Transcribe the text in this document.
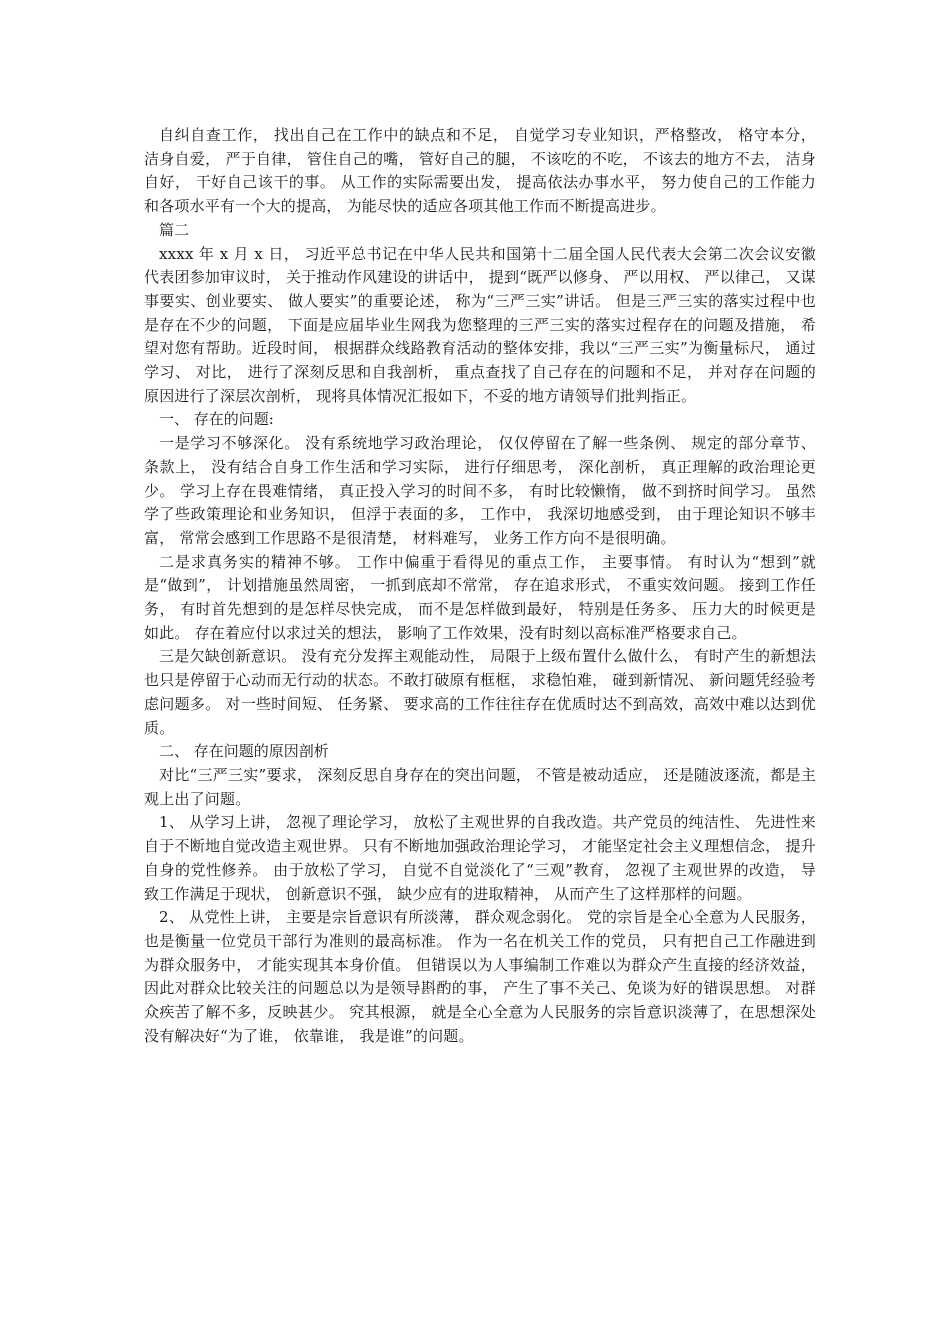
自纠自查工作， 找出自己在工作中的缺点和不足， 自觉学习专业知识，严格整改， 格守本分， 洁身自爱， 严于自律， 管住自己的嘴， 管好自己的腿， 不该吃的不吃， 不该去的地方不去， 洁身自好， 干好自己该干的事。 从工作的实际需要出发， 提高依法办事水平， 努力使自己的工作能力和各项水平有一个大的提高， 为能尽快的适应各项其他工作而不断提高进步。

篇二

xxxx 年 x 月 x 日， 习近平总书记在中华人民共和国第十二届全国人民代表大会第二次会议安徽代表团参加审议时， 关于推动作风建设的讲话中， 提到“既严以修身、 严以用权、 严以律己， 又谋事要实、创业要实、 做人要实”的重要论述， 称为“三严三实”讲话。 但是三严三实的落实过程中也是存在不少的问题， 下面是应届毕业生网我为您整理的三严三实的落实过程存在的问题及措施， 希望对您有帮助。近段时间， 根据群众线路教育活动的整体安排，我以“三严三实”为衡量标尺， 通过学习、 对比， 进行了深刻反思和自我剖析， 重点查找了自己存在的问题和不足， 并对存在问题的原因进行了深层次剖析， 现将具体情况汇报如下，不妥的地方请领导们批判指正。

一、 存在的问题:

一是学习不够深化。 没有系统地学习政治理论， 仅仅停留在了解一些条例、 规定的部分章节、 条款上， 没有结合自身工作生活和学习实际， 进行仔细思考， 深化剖析， 真正理解的政治理论更少。 学习上存在畏难情绪， 真正投入学习的时间不多， 有时比较懒惰， 做不到挤时间学习。 虽然学了些政策理论和业务知识， 但浮于表面的多， 工作中， 我深切地感受到， 由于理论知识不够丰富， 常常会感到工作思路不是很清楚， 材料难写， 业务工作方向不是很明确。

二是求真务实的精神不够。 工作中偏重于看得见的重点工作， 主要事情。 有时认为“想到”就是“做到”， 计划措施虽然周密， 一抓到底却不常常， 存在追求形式， 不重实效问题。 接到工作任务， 有时首先想到的是怎样尽快完成， 而不是怎样做到最好， 特别是任务多、 压力大的时候更是如此。 存在着应付以求过关的想法， 影响了工作效果，没有时刻以高标准严格要求自己。

三是欠缺创新意识。 没有充分发挥主观能动性， 局限于上级布置什么做什么， 有时产生的新想法也只是停留于心动而无行动的状态。不敢打破原有框框， 求稳怕难， 碰到新情况、 新问题凭经验考虑问题多。 对一些时间短、 任务紧、 要求高的工作往往存在优质时达不到高效，高效中难以达到优质。

二、 存在问题的原因剖析

对比“三严三实”要求， 深刻反思自身存在的突出问题， 不管是被动适应， 还是随波逐流，都是主观上出了问题。

1、 从学习上讲， 忽视了理论学习， 放松了主观世界的自我改造。共产党员的纯洁性、 先进性来自于不断地自觉改造主观世界。 只有不断地加强政治理论学习， 才能坚定社会主义理想信念， 提升自身的党性修养。 由于放松了学习， 自觉不自觉淡化了“三观”教育， 忽视了主观世界的改造， 导致工作满足于现状， 创新意识不强， 缺少应有的进取精神， 从而产生了这样那样的问题。

2、 从党性上讲， 主要是宗旨意识有所淡薄， 群众观念弱化。 党的宗旨是全心全意为人民服务， 也是衡量一位党员干部行为准则的最高标准。 作为一名在机关工作的党员， 只有把自己工作融进到为群众服务中， 才能实现其本身价值。 但错误以为人事编制工作难以为群众产生直接的经济效益， 因此对群众比较关注的问题总以为是领导斟酌的事， 产生了事不关己、免谈为好的错误思想。 对群众疾苦了解不多，反映甚少。 究其根源， 就是全心全意为人民服务的宗旨意识淡薄了，在思想深处没有解决好“为了谁， 依靠谁， 我是谁”的问题。
